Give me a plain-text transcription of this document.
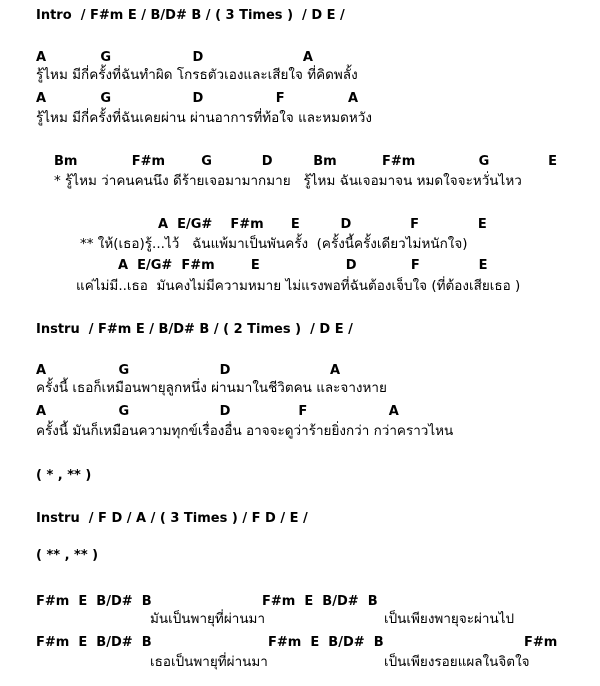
Intro  / F#m E / B/D# B / ( 3 Times )  / D E /
A            G                  D                      A
รู้ไหม มีกี่ครั้งที่ฉันทำผิด โกรธตัวเองและเสียใจ ที่คิดพลั้ง
A            G                  D                F              A
รู้ไหม มีกี่ครั้งที่ฉันเคยผ่าน ผ่านอาการที่ท้อใจ และหมดหวัง
Bm            F#m        G           D         Bm          F#m              G             E
* รู้ไหม ว่าคนคนนึง ดีร้ายเจอมามากมาย   รู้ไหม ฉันเจอมาจน หมดใจจะหวั่นไหว
A  E/G#    F#m      E         D             F             E
** ให้(เธอ)รู้...ไว้   ฉันแพ้มาเป็นพันครั้ง  (ครั้งนี้ครั้งเดียวไม่หนักใจ)
A  E/G#  F#m        E                   D            F             E
แค่ไม่มี..เธอ  มันคงไม่มีความหมาย ไม่แรงพอที่ฉันต้องเจ็บใจ (ที่ต้องเสียเธอ )
Instru  / F#m E / B/D# B / ( 2 Times )  / D E /
A                G                    D                      A
ครั้งนี้ เธอก็เหมือนพายุลูกหนึ่ง ผ่านมาในชีวิตคน และจางหาย
A                G                    D               F                  A
ครั้งนี้ มันก็เหมือนความทุกข์เรื่องอื่น อาจจะดูว่าร้ายยิ่งกว่า กว่าคราวไหน
( * , ** )
Instru  / F D / A / ( 3 Times ) / F D / E /
( ** , ** )
F#m  E  B/D#  B	F#m  E  B/D#  B
มันเป็นพายุที่ผ่านมา	เป็นเพียงพายุจะผ่านไป
F#m  E  B/D#  B	F#m  E  B/D#  B	F#m
เธอเป็นพายุที่ผ่านมา	เป็นเพียงรอยแผลในจิตใจ
